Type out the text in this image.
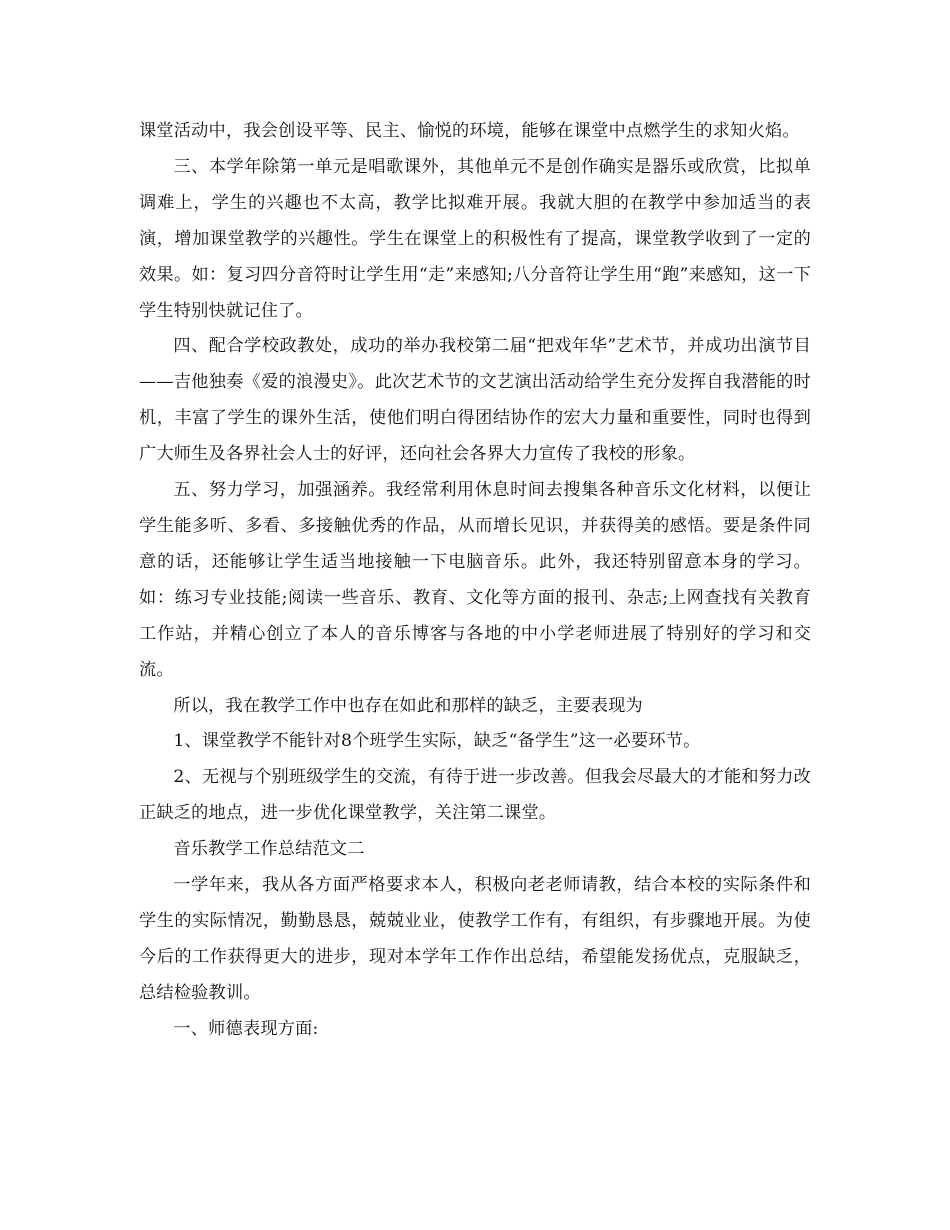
课堂活动中，我会创设平等、民主、愉悦的环境，能够在课堂中点燃学生的求知火焰。

三、本学年除第一单元是唱歌课外，其他单元不是创作确实是器乐或欣赏，比拟单调难上，学生的兴趣也不太高，教学比拟难开展。我就大胆的在教学中参加适当的表演，增加课堂教学的兴趣性。学生在课堂上的积极性有了提高，课堂教学收到了一定的效果。如：复习四分音符时让学生用“走”来感知;八分音符让学生用“跑”来感知，这一下学生特别快就记住了。

四、配合学校政教处，成功的举办我校第二届“把戏年华”艺术节，并成功出演节目——吉他独奏《爱的浪漫史》。此次艺术节的文艺演出活动给学生充分发挥自我潜能的时机，丰富了学生的课外生活，使他们明白得团结协作的宏大力量和重要性，同时也得到广大师生及各界社会人士的好评，还向社会各界大力宣传了我校的形象。

五、努力学习，加强涵养。我经常利用休息时间去搜集各种音乐文化材料，以便让学生能多听、多看、多接触优秀的作品，从而增长见识，并获得美的感悟。要是条件同意的话，还能够让学生适当地接触一下电脑音乐。此外，我还特别留意本身的学习。如：练习专业技能;阅读一些音乐、教育、文化等方面的报刊、杂志;上网查找有关教育工作站，并精心创立了本人的音乐博客与各地的中小学老师进展了特别好的学习和交流。

所以，我在教学工作中也存在如此和那样的缺乏，主要表现为

1、课堂教学不能针对8个班学生实际，缺乏“备学生”这一必要环节。

2、无视与个别班级学生的交流，有待于进一步改善。但我会尽最大的才能和努力改正缺乏的地点，进一步优化课堂教学，关注第二课堂。

音乐教学工作总结范文二

一学年来，我从各方面严格要求本人，积极向老老师请教，结合本校的实际条件和学生的实际情况，勤勤恳恳，兢兢业业，使教学工作有，有组织，有步骤地开展。为使今后的工作获得更大的进步，现对本学年工作作出总结，希望能发扬优点，克服缺乏，总结检验教训。

一、师德表现方面:
